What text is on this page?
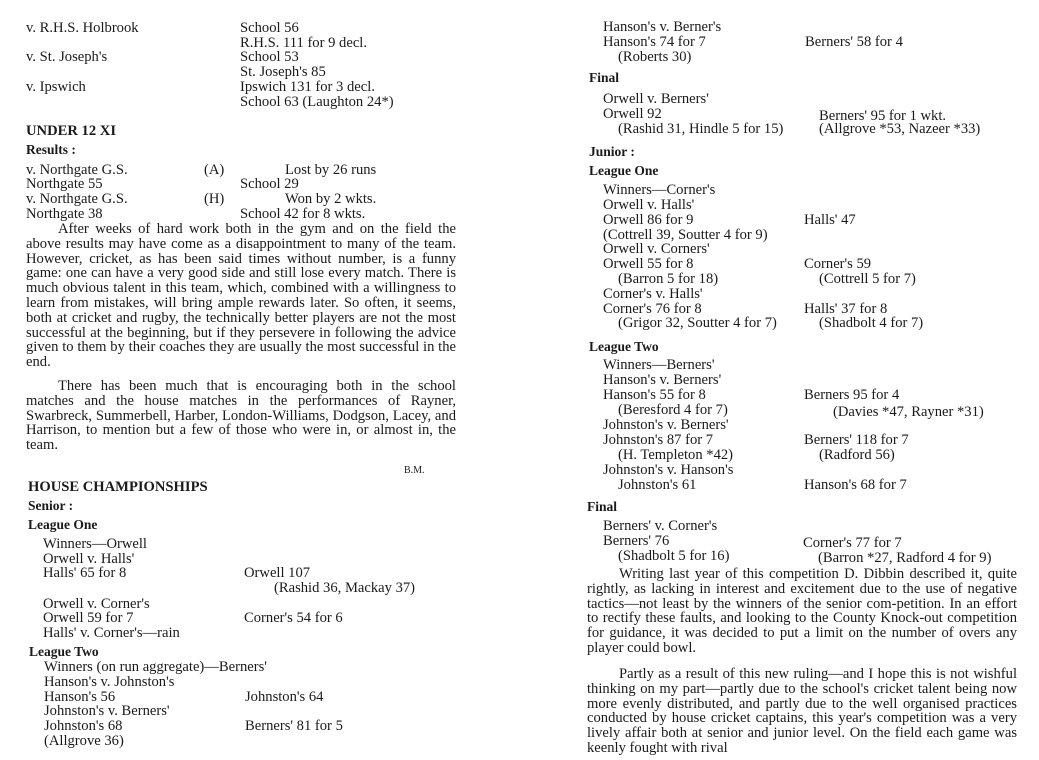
v. R.H.S. Holbrook	School 56
R.H.S. 111 for 9 decl.
v. St. Joseph's	School 53
St. Joseph's 85
v. Ipswich	Ipswich 131 for 3 decl.
School 63 (Laughton 24*)
UNDER 12 XI
Results :
v. Northgate G.S.	(A)	Lost by 26 runs
Northgate 55	School 29
v. Northgate G.S.	(H)	Won by 2 wkts.
Northgate 38	School 42 for 8 wkts.
After weeks of hard work both in the gym and on the field the above results may have come as a disappointment to many of the team. However, cricket, as has been said times without number, is a funny game: one can have a very good side and still lose every match. There is much obvious talent in this team, which, combined with a willingness to learn from mistakes, will bring ample rewards later. So often, it seems, both at cricket and rugby, the technically better players are not the most successful at the beginning, but if they persevere in following the advice given to them by their coaches they are usually the most successful in the end.
There has been much that is encouraging both in the school matches and the house matches in the performances of Rayner, Swarbreck, Summerbell, Harber, London-Williams, Dodgson, Lacey, and Harrison, to mention but a few of those who were in, or almost in, the team.
B.M.
HOUSE CHAMPIONSHIPS
Senior :
League One
Winners—Orwell
Orwell v. Halls'
Halls' 65 for 8	Orwell 107
(Rashid 36, Mackay 37)
Orwell v. Corner's
Orwell 59 for 7	Corner's 54 for 6
Halls' v. Corner's—rain
League Two
Winners (on run aggregate)—Berners'
Hanson's v. Johnston's
Hanson's 56	Johnston's 64
Johnston's v. Berners'
Johnston's 68	Berners' 81 for 5
(Allgrove 36)
Hanson's v. Berner's
Hanson's 74 for 7	Berners' 58 for 4
(Roberts 30)
Final
Orwell v. Berners'
Orwell 92	Berners' 95 for 1 wkt.
(Rashid 31, Hindle 5 for 15) (Allgrove *53, Nazeer *33)
Junior :
League One
Winners—Corner's
Orwell v. Halls'
Orwell 86 for 9	Halls' 47
(Cottrell 39, Soutter 4 for 9)
Orwell v. Corners'
Orwell 55 for 8	Corner's 59
(Barron 5 for 18)	(Cottrell 5 for 7)
Corner's v. Halls'
Corner's 76 for 8	Halls' 37 for 8
(Grigor 32, Soutter 4 for 7)	(Shadbolt 4 for 7)
League Two
Winners—Berners'
Hanson's v. Berners'
Hanson's 55 for 8	Berners 95 for 4
(Beresford 4 for 7)	(Davies *47, Rayner *31)
Johnston's v. Berners'
Johnston's 87 for 7	Berners' 118 for 7
(H. Templeton *42)	(Radford 56)
Johnston's v. Hanson's
Johnston's 61	Hanson's 68 for 7
Final
Berners' v. Corner's
Berners' 76	Corner's 77 for 7
(Shadbolt 5 for 16)	(Barron *27, Radford 4 for 9)
Writing last year of this competition D. Dibbin described it, quite rightly, as lacking in interest and excitement due to the use of negative tactics—not least by the winners of the senior com-petition. In an effort to rectify these faults, and looking to the County Knock-out competition for guidance, it was decided to put a limit on the number of overs any player could bowl.
Partly as a result of this new ruling—and I hope this is not wishful thinking on my part—partly due to the school's cricket talent being now more evenly distributed, and partly due to the well organised practices conducted by house cricket captains, this year's competition was a very lively affair both at senior and junior level. On the field each game was keenly fought with rival
